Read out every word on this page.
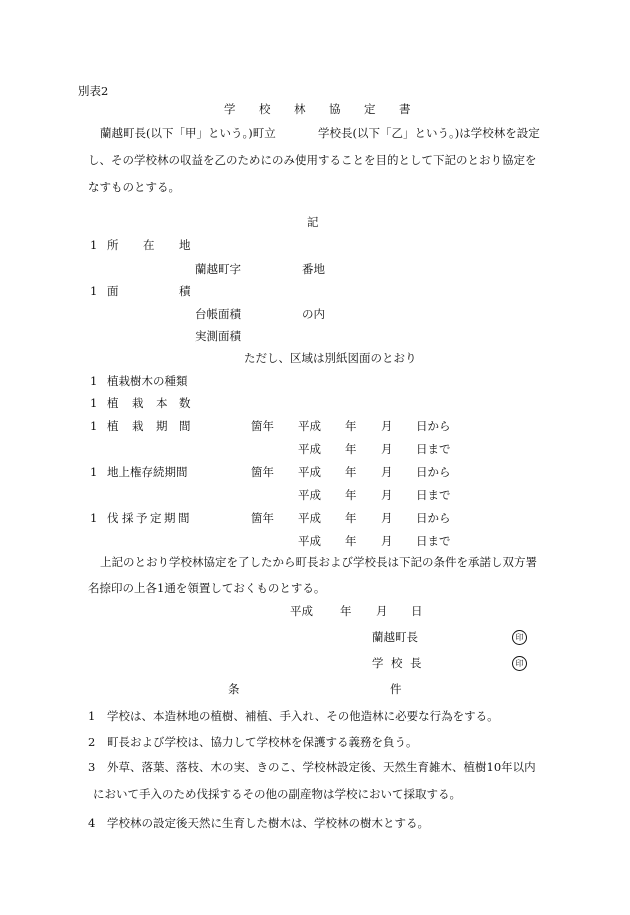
別表2
学 校 林 協 定 書
蘭越町長(以下「甲」という。)町立	学校長(以下「乙」という。)は学校林を設定
し、その学校林の収益を乙のためにのみ使用することを目的として下記のとおり協定を
なすものとする。
記
1 所 在 地
蘭越町字	番地
1 面	積
台帳面積	の内
実測面積
ただし、区域は別紙図面のとおり
1 植栽樹木の種類
1 植 栽 本 数
1 植 栽 期 間	箇年 平成 年 月 日から
平成 年 月 日まで
1 地上権存続期間	箇年 平成 年 月 日から
平成 年 月 日まで
1 伐 採 予 定 期 間	箇年 平成 年 月 日から
平成 年 月 日まで
上記のとおり学校林協定を了したから町長および学校長は下記の条件を承諾し双方署
名捺印の上各1通を領置しておくものとする。
平成 年 月 日
蘭越町長	印
学 校 長	印
条	件
1 学校は、本造林地の植樹、補植、手入れ、その他造林に必要な行為をする。
2 町長および学校は、協力して学校林を保護する義務を負う。
3 外草、落葉、落枝、木の実、きのこ、学校林設定後、天然生育雑木、植樹10年以内
において手入のため伐採するその他の副産物は学校において採取する。
4 学校林の設定後天然に生育した樹木は、学校林の樹木とする。
